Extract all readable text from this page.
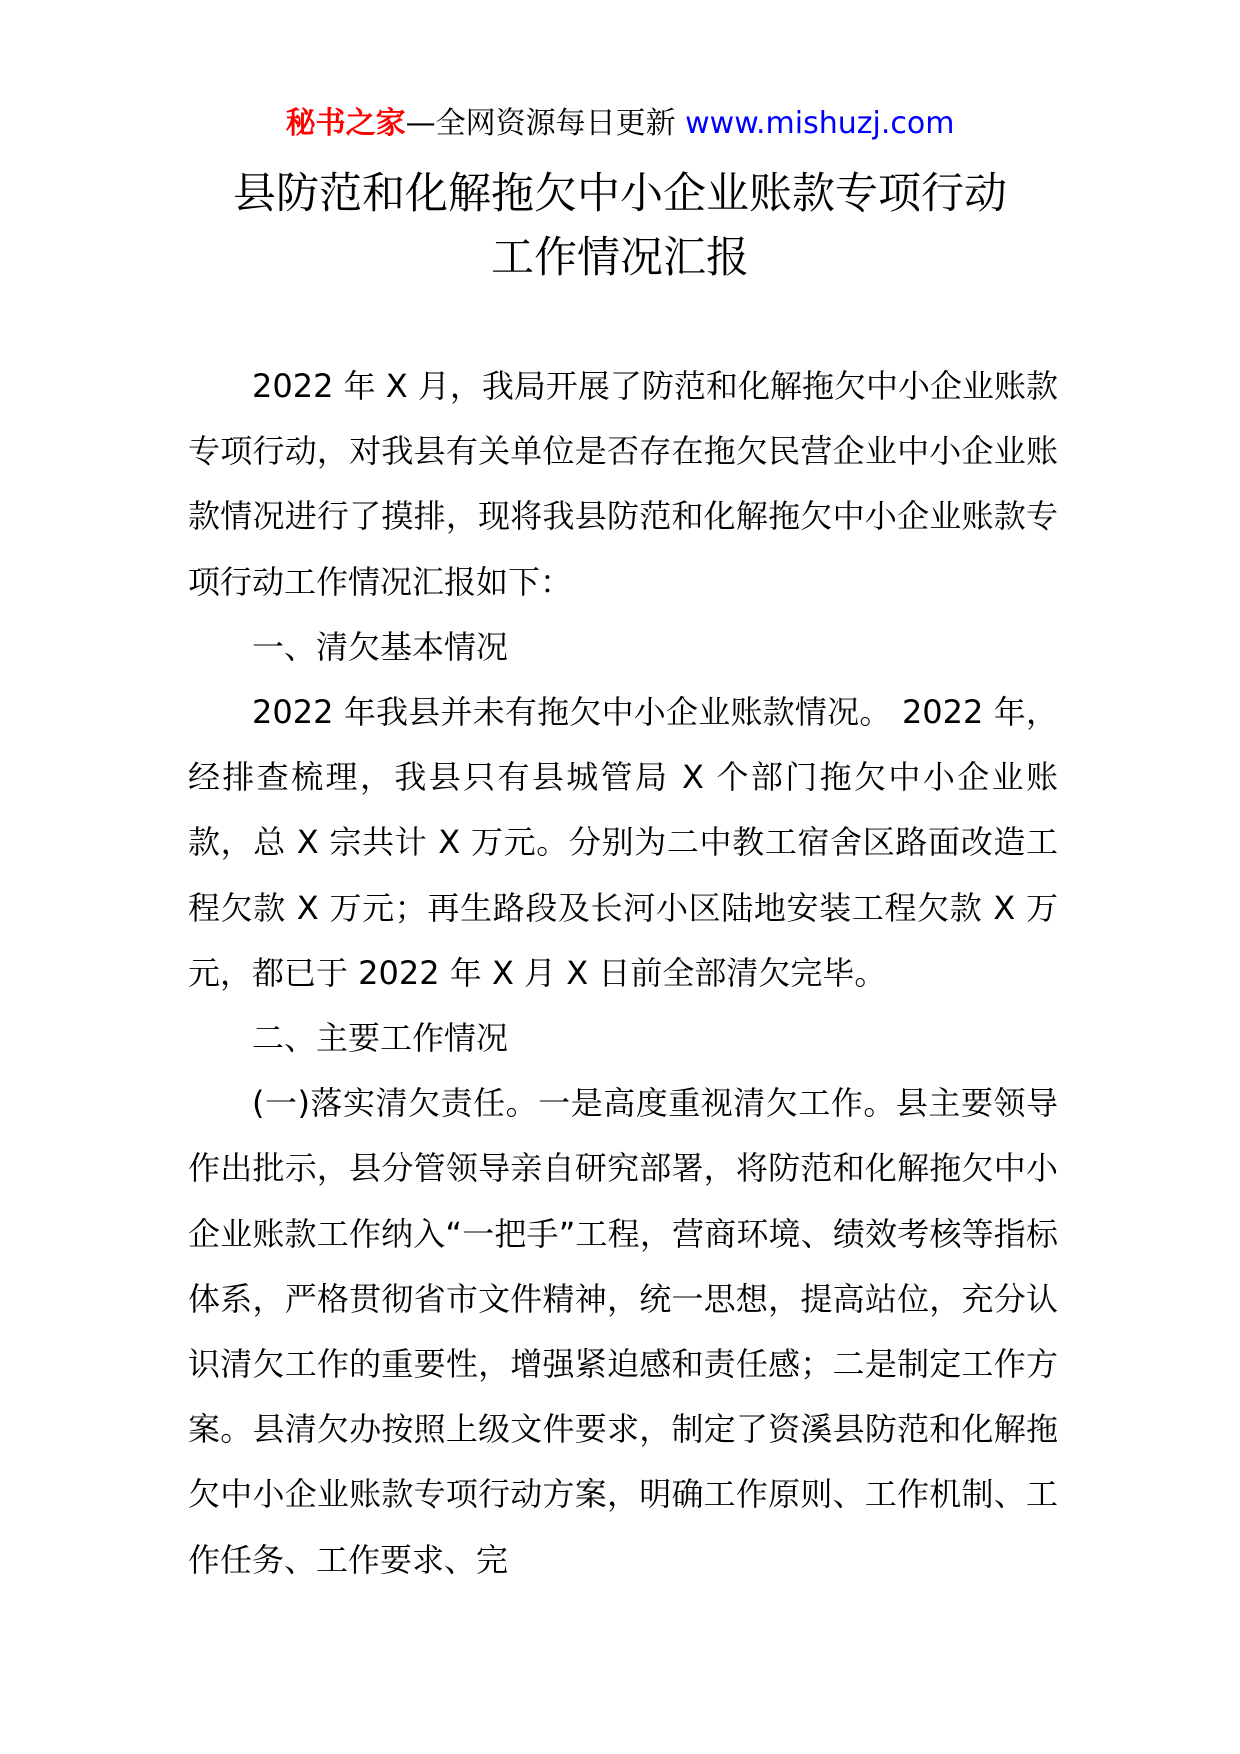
秘书之家—全网资源每日更新 www.mishuzj.com
县防范和化解拖欠中小企业账款专项行动
工作情况汇报

2022 年 X 月，我局开展了防范和化解拖欠中小企业账款专项行动，对我县有关单位是否存在拖欠民营企业中小企业账款情况进行了摸排，现将我县防范和化解拖欠中小企业账款专项行动工作情况汇报如下：

一、清欠基本情况

2022 年我县并未有拖欠中小企业账款情况。 2022 年，经排查梳理，我县只有县城管局 X 个部门拖欠中小企业账款，总 X 宗共计 X 万元。分别为二中教工宿舍区路面改造工程欠款 X 万元；再生路段及长河小区陆地安装工程欠款 X 万元，都已于 2022 年 X 月 X 日前全部清欠完毕。

二、主要工作情况

(一)落实清欠责任。一是高度重视清欠工作。县主要领导作出批示，县分管领导亲自研究部署，将防范和化解拖欠中小企业账款工作纳入“一把手”工程，营商环境、绩效考核等指标体系，严格贯彻省市文件精神，统一思想，提高站位，充分认识清欠工作的重要性，增强紧迫感和责任感；二是制定工作方案。县清欠办按照上级文件要求，制定了资溪县防范和化解拖欠中小企业账款专项行动方案，明确工作原则、工作机制、工作任务、工作要求、完
